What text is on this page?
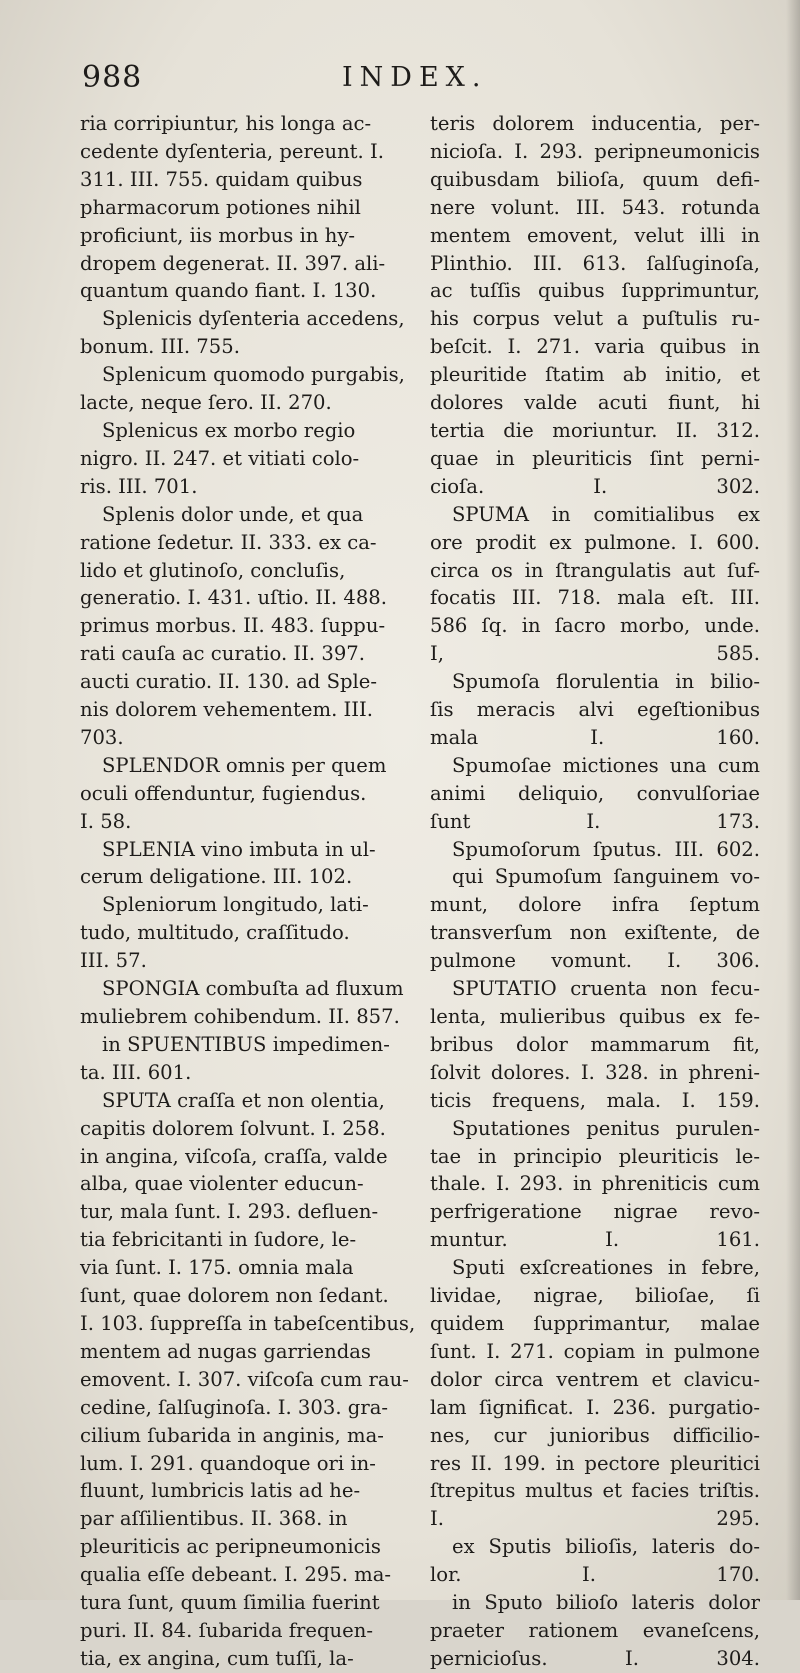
988	INDEX.
ria corripiuntur, his longa ac-
cedente dyſenteria, pereunt. I.
311. III. 755. quidam quibus
pharmacorum potiones nihil
proficiunt, iis morbus in hy-
dropem degenerat. II. 397. ali-
quantum quando fiant. I. 130.
Splenicis dyſenteria accedens,
bonum. III. 755.
Splenicum quomodo purgabis,
lacte, neque ſero. II. 270.
Splenicus ex morbo regio
nigro. II. 247. et vitiati colo-
ris. III. 701.
Splenis dolor unde, et qua
ratione ſedetur. II. 333. ex ca-
lido et glutinoſo, concluſis,
generatio. I. 431. uſtio. II. 488.
primus morbus. II. 483. ſuppu-
rati cauſa ac curatio. II. 397.
aucti curatio. II. 130. ad Sple-
nis dolorem vehementem. III.
703.
SPLENDOR omnis per quem
oculi offenduntur, fugiendus.
I. 58.
SPLENIA vino imbuta in ul-
cerum deligatione. III. 102.
Spleniorum longitudo, lati-
tudo, multitudo, craſſitudo.
III. 57.
SPONGIA combuſta ad fluxum
muliebrem cohibendum. II. 857.
in SPUENTIBUS impedimen-
ta. III. 601.
SPUTA craſſa et non olentia,
capitis dolorem ſolvunt. I. 258.
in angina, viſcoſa, craſſa, valde
alba, quae violenter educun-
tur, mala ſunt. I. 293. defluen-
tia febricitanti in ſudore, le-
via ſunt. I. 175. omnia mala
ſunt, quae dolorem non ſedant.
I. 103. ſuppreſſa in tabeſcentibus,
mentem ad nugas garriendas
emovent. I. 307. viſcoſa cum rau-
cedine, ſalſuginoſa. I. 303. gra-
cilium ſubarida in anginis, ma-
lum. I. 291. quandoque ori in-
fluunt, lumbricis latis ad he-
par aſſilientibus. II. 368. in
pleuriticis ac peripneumonicis
qualia eſſe debeant. I. 295. ma-
tura ſunt, quum ſimilia fuerint
puri. II. 84. ſubarida frequen-
tia, ex angina, cum tuſſi, la-
teris dolorem inducentia, per-
nicioſa. I. 293. peripneumonicis
quibusdam bilioſa, quum defi-
nere volunt. III. 543. rotunda
mentem emovent, velut illi in
Plinthio. III. 613. ſalſuginoſa,
ac tuſſis quibus ſupprimuntur,
his corpus velut a puſtulis ru-
beſcit. I. 271. varia quibus in
pleuritide ſtatim ab initio, et
dolores valde acuti fiunt, hi
tertia die moriuntur. II. 312.
quae in pleuriticis ſint perni-
cioſa. I. 302.
SPUMA in comitialibus ex
ore prodit ex pulmone. I. 600.
circa os in ſtrangulatis aut ſuf-
focatis III. 718. mala eſt. III.
586 ſq. in ſacro morbo, unde.
I, 585.
Spumoſa florulentia in bilio-
ſis meracis alvi egeſtionibus
mala I. 160.
Spumoſae mictiones una cum
animi deliquio, convulſoriae
ſunt I. 173.
Spumoſorum ſputus. III. 602.
qui Spumoſum ſanguinem vo-
munt, dolore infra ſeptum
transverſum non exiſtente, de
pulmone vomunt. I. 306.
SPUTATIO cruenta non fecu-
lenta, mulieribus quibus ex fe-
bribus dolor mammarum fit,
ſolvit dolores. I. 328. in phreni-
ticis frequens, mala. I. 159.
Sputationes penitus purulen-
tae in principio pleuriticis le-
thale. I. 293. in phreniticis cum
perfrigeratione nigrae revo-
muntur. I. 161.
Sputi exſcreationes in febre,
lividae, nigrae, bilioſae, ſi
quidem ſupprimantur, malae
ſunt. I. 271. copiam in pulmone
dolor circa ventrem et clavicu-
lam ſignificat. I. 236. purgatio-
nes, cur junioribus difficilio-
res II. 199. in pectore pleuritici
ſtrepitus multus et facies triſtis.
I. 295.
ex Sputis bilioſis, lateris do-
lor. I. 170.
in Sputo bilioſo lateris dolor
praeter rationem evaneſcens,
pernicioſus. I. 304.
